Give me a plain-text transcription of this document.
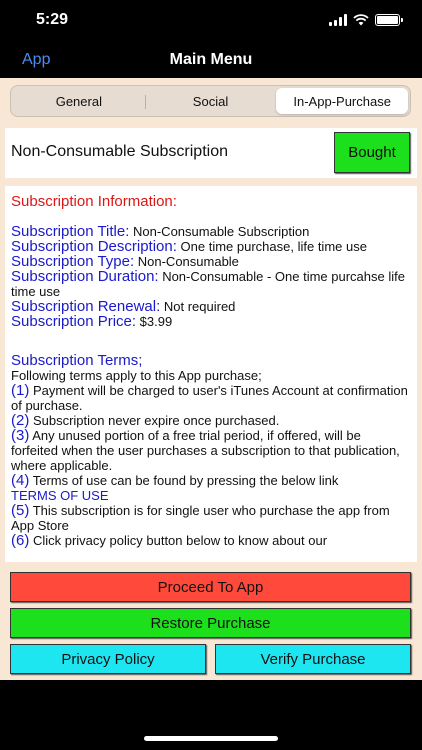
5:29
App	Main Menu
General	Social	In-App-Purchase
Non-Consumable Subscription	Bought
Subscription Information:

Subscription Title: Non-Consumable Subscription

Subscription Description: One time purchase, life time use

Subscription Type: Non-Consumable

Subscription Duration: Non-Consumable - One time purcahse life time use

Subscription Renewal: Not required

Subscription Price: $3.99

Subscription Terms;

Following terms apply to this App purchase;

(1) Payment will be charged to user's iTunes Account at confirmation of purchase.

(2) Subscription never expire once purchased.

(3) Any unused portion of a free trial period, if offered, will be forfeited when the user purchases a subscription to that publication, where applicable.

(4) Terms of use can be found by pressing the below link

TERMS OF USE

(5) This subscription is for single user who purchase the app from App Store

(6) Click privacy policy button below to know about our

Proceed To App
Restore Purchase
Privacy Policy	Verify Purchase
